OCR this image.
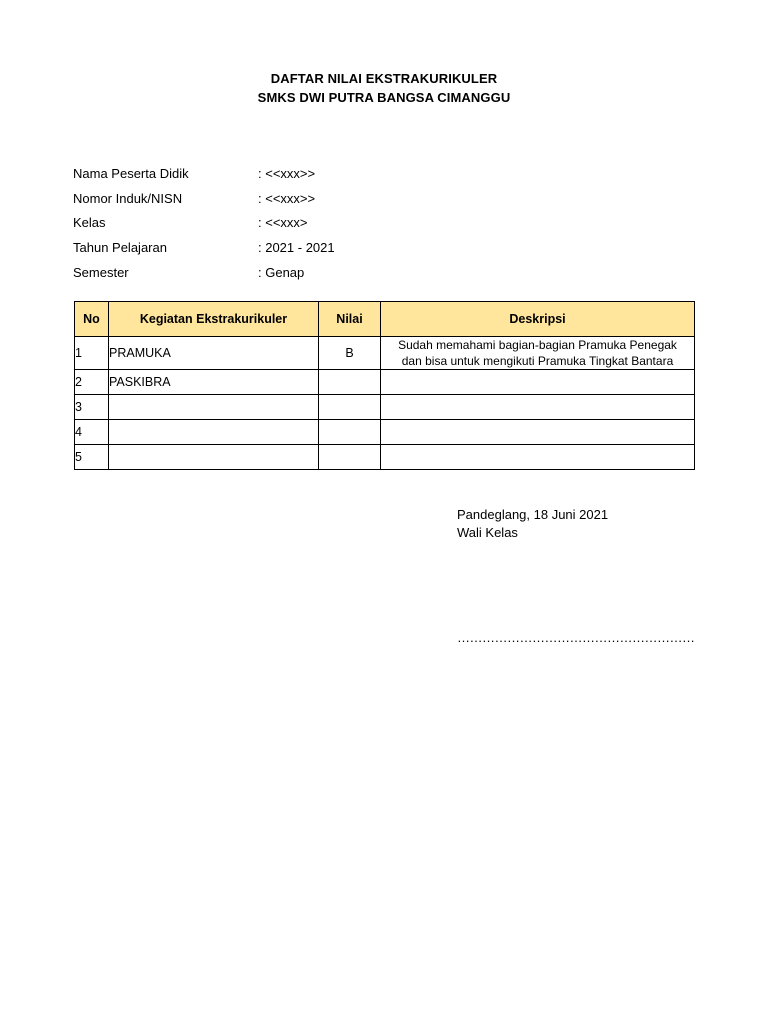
DAFTAR NILAI EKSTRAKURIKULER
SMKS DWI PUTRA BANGSA CIMANGGU
Nama Peserta Didik	: <<xxx>>
Nomor Induk/NISN	: <<xxx>>
Kelas	: <<xxx>
Tahun Pelajaran	: 2021 - 2021
Semester	: Genap
No	Kegiatan Ekstrakurikuler	Nilai	Deskripsi
1	PRAMUKA	B	Sudah memahami bagian-bagian Pramuka Penegak
dan bisa untuk mengikuti Pramuka Tingkat Bantara

2	PASKIBRA		
3			
4			
5			
Pandeglang, 18 Juni 2021
Wali Kelas
…………………………………………………
